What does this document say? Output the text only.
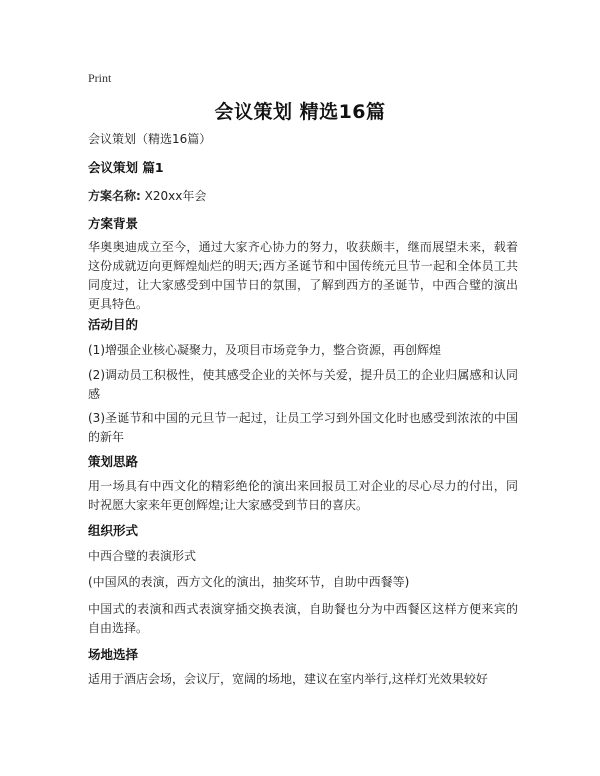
Print
会议策划 精选16篇
会议策划（精选16篇）
会议策划 篇1
方案名称: X20xx年会
方案背景
华奥奥迪成立至今，通过大家齐心协力的努力，收获颇丰，继而展望未来，载着这份成就迈向更辉煌灿烂的明天;西方圣诞节和中国传统元旦节一起和全体员工共同度过，让大家感受到中国节日的氛围，了解到西方的圣诞节，中西合璧的演出更具特色。
活动目的
(1)增强企业核心凝聚力，及项目市场竞争力，整合资源，再创辉煌
(2)调动员工积极性，使其感受企业的关怀与关爱，提升员工的企业归属感和认同感
(3)圣诞节和中国的元旦节一起过，让员工学习到外国文化时也感受到浓浓的中国的新年
策划思路
用一场具有中西文化的精彩绝伦的演出来回报员工对企业的尽心尽力的付出，同时祝愿大家来年更创辉煌;让大家感受到节日的喜庆。
组织形式
中西合璧的表演形式
(中国风的表演，西方文化的演出，抽奖环节，自助中西餐等)
中国式的表演和西式表演穿插交换表演，自助餐也分为中西餐区这样方便来宾的自由选择。
场地选择
适用于酒店会场，会议厅，宽阔的场地，建议在室内举行,这样灯光效果较好
